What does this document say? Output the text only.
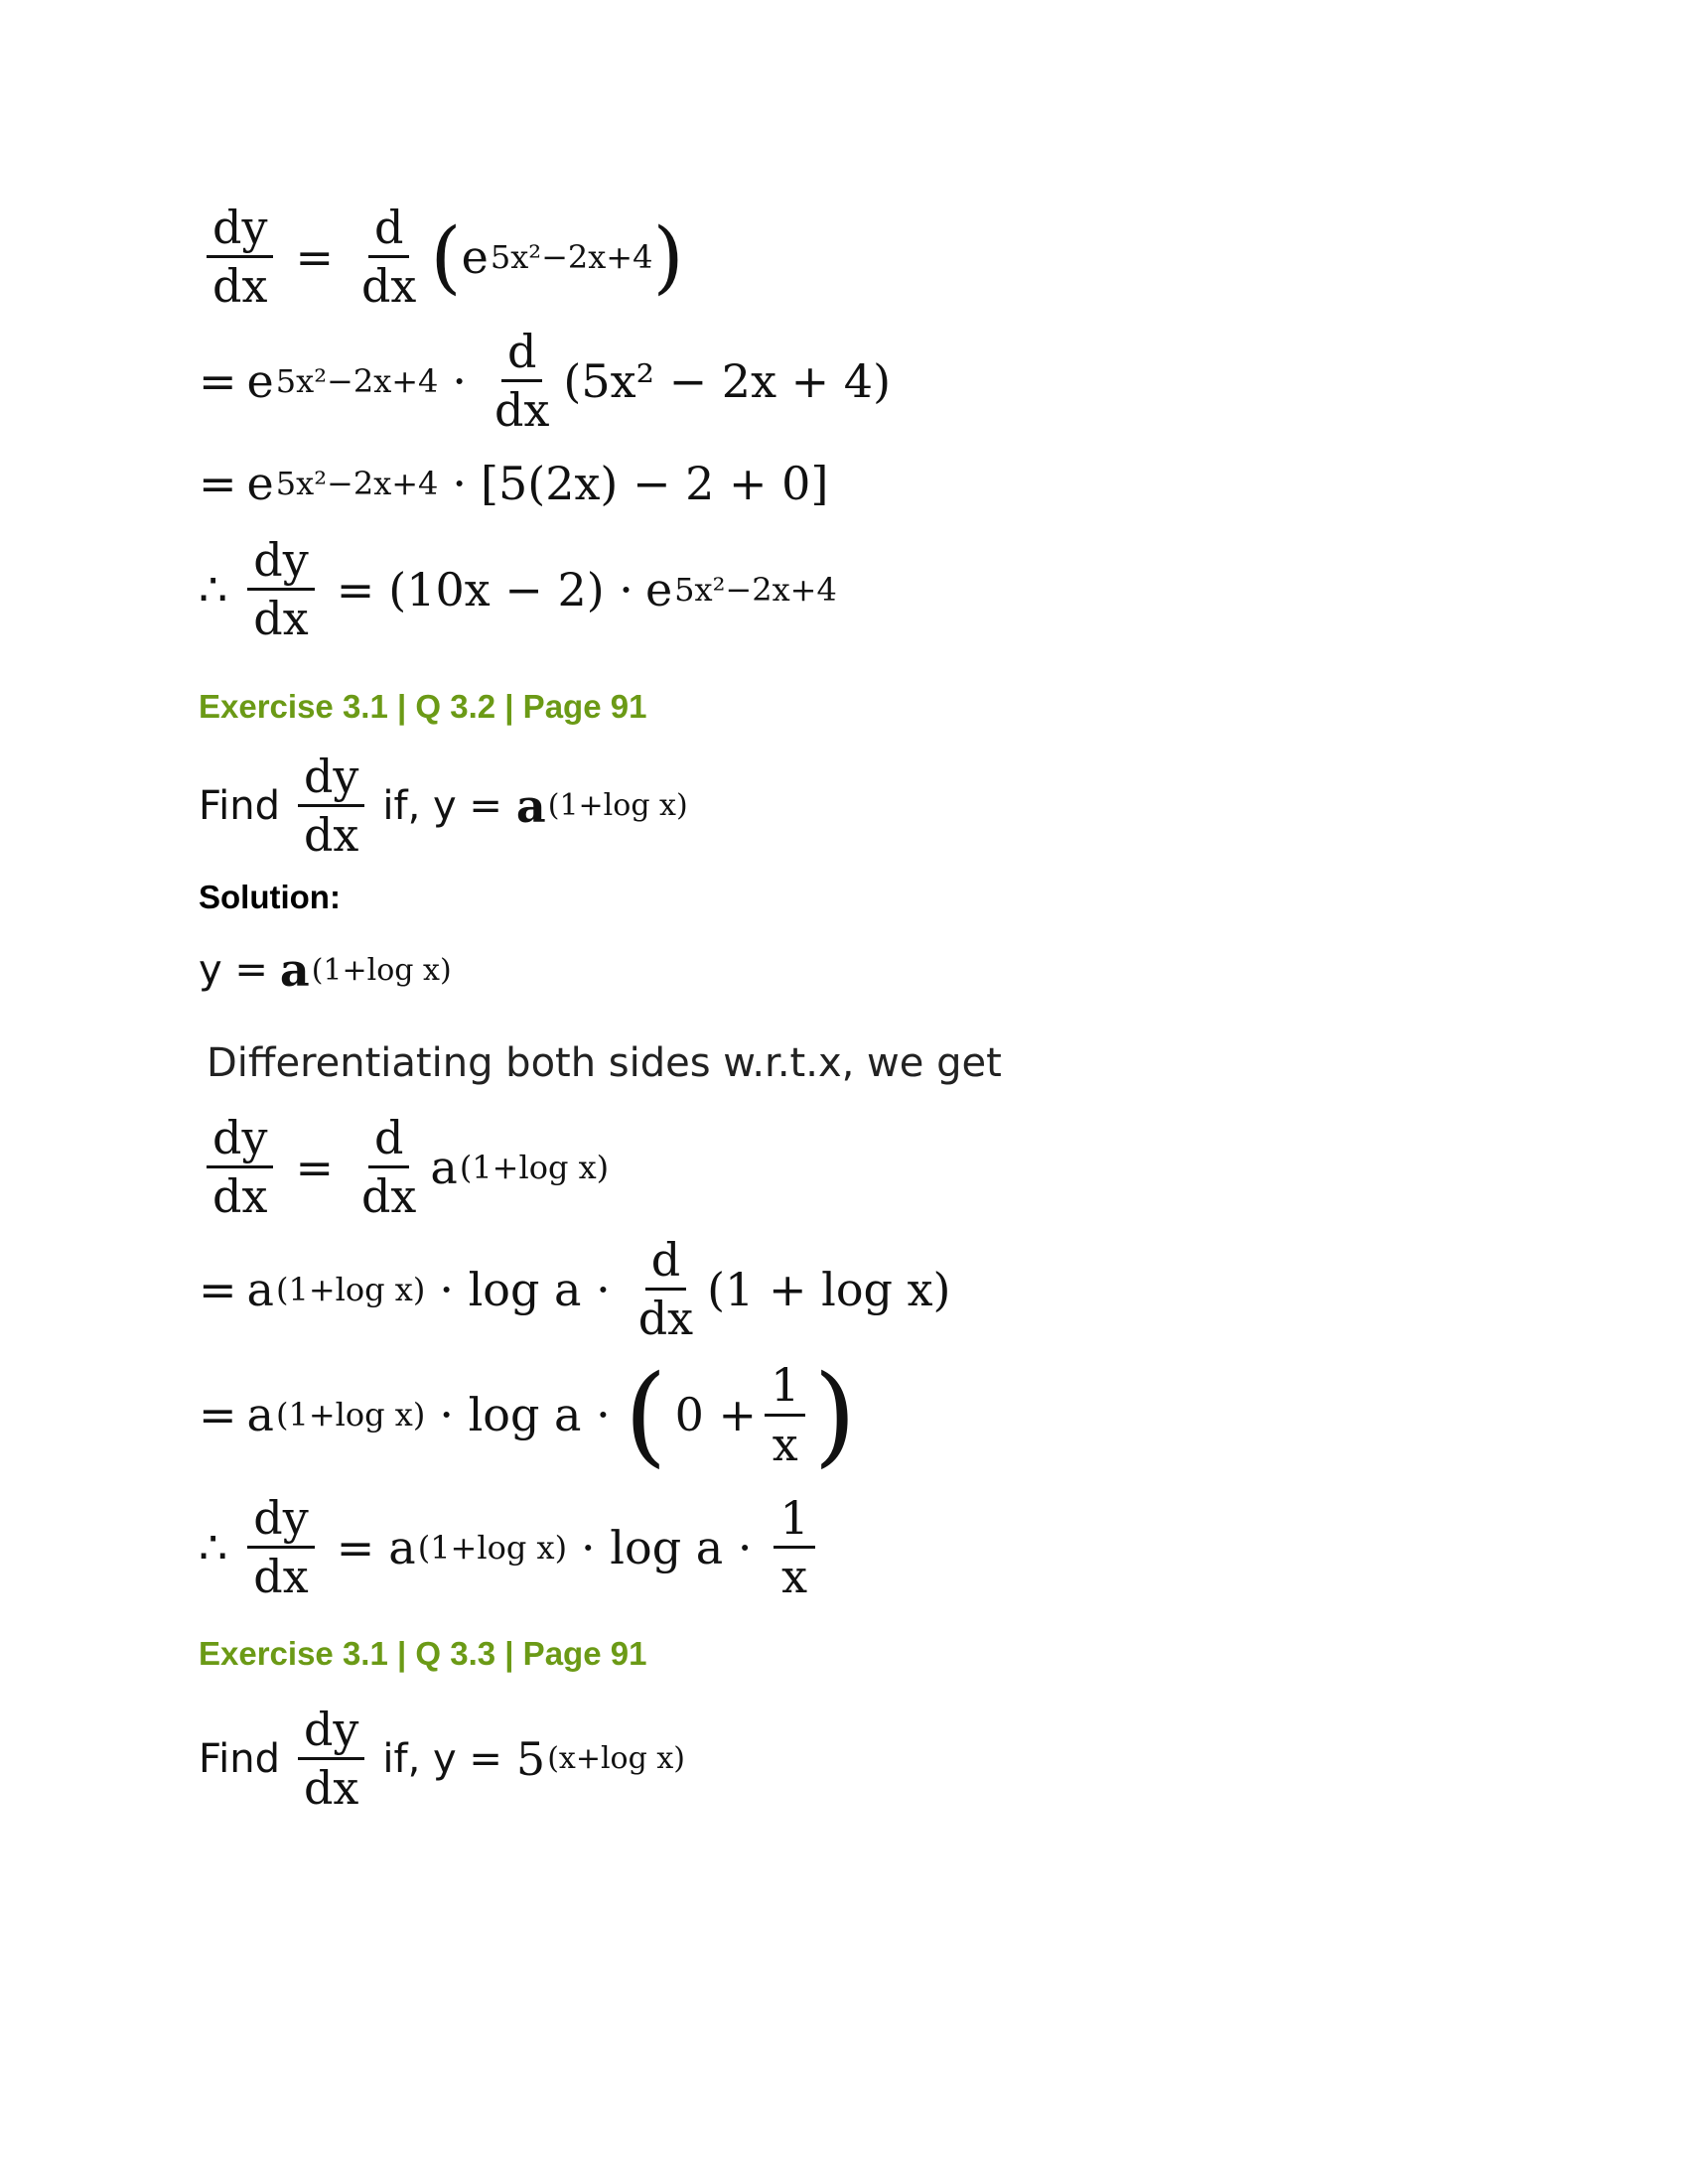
$\frac{dy}{dx} = \frac{d}{dx}$ ( e 5x²−2x+4 )
= e $5x^2-2x+4 \cdot \frac{d}{dx} (5x^2 - 2x + 4)$
= e 5x²−2x+4 · [5(2x) − 2 + 0]
∴ $\frac{dy}{dx} = (10x - 2) \cdot e$ 5x²−2x+4
Exercise 3.1 | Q 3.2 | Page 91
Find $\frac{dy}{dx}$ if, y = a (1+log x)
Solution:
y = a (1+log x)
Differentiating both sides w.r.t.x, we get
$\frac{dy}{dx} = \frac{d}{dx}$ a (1+log x)
= a (1+log $x) \cdot \log a \cdot \frac{d}{dx} (1 + \log x)$
= a (1+log x) · log a · ( $0 + \frac{1}{x}$ )
∴ $\frac{dy}{dx} = a$ (1+log $x) \cdot \log a \cdot \frac{1}{x}$
Exercise 3.1 | Q 3.3 | Page 91
Find $\frac{dy}{dx}$ if, y = 5 (x+log x)
